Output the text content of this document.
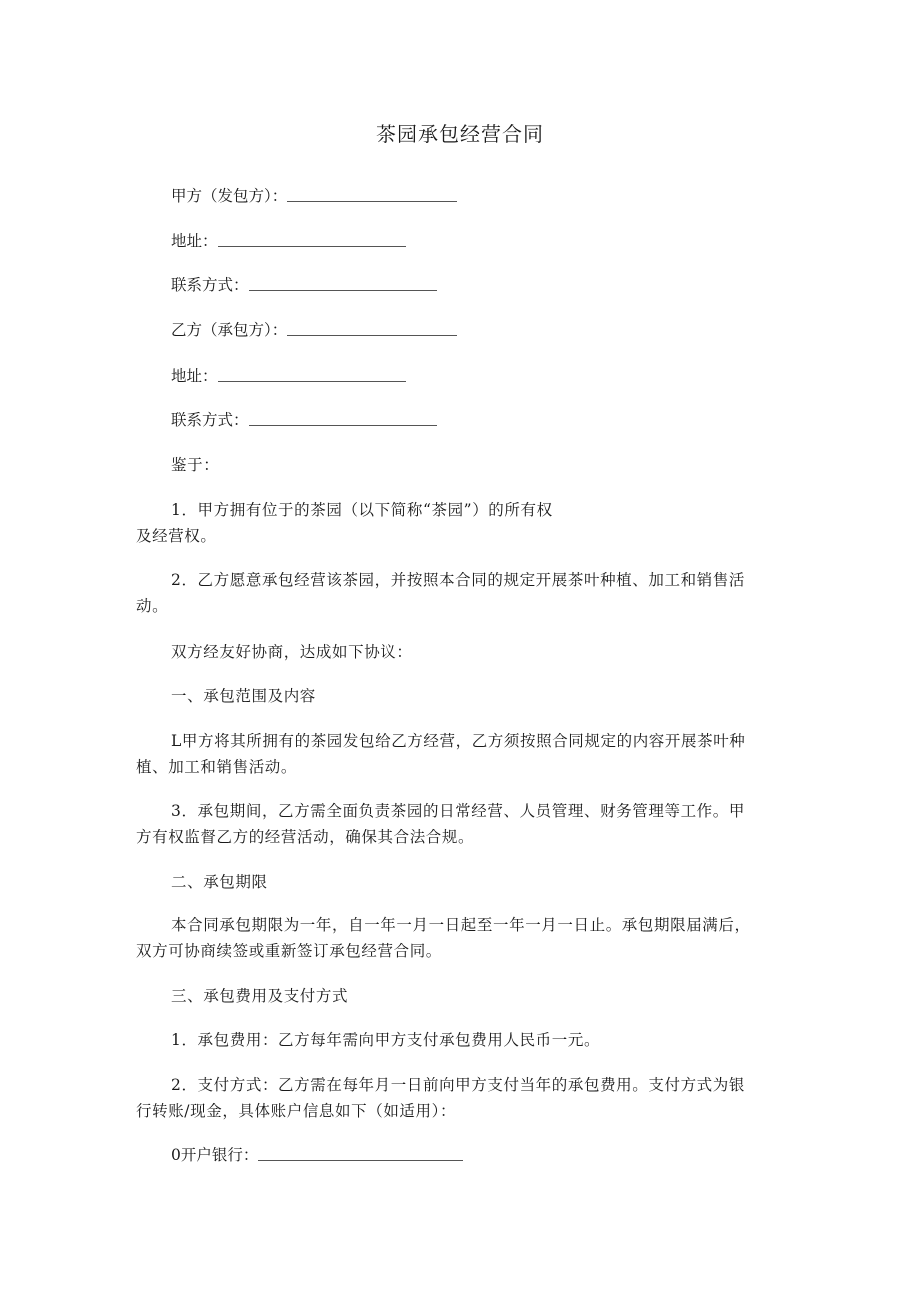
茶园承包经营合同
甲方（发包方）：
地址：
联系方式：
乙方（承包方）：
地址：
联系方式：
鉴于：
1．甲方拥有位于的茶园（以下简称“茶园”）的所有权
及经营权。
2．乙方愿意承包经营该茶园，并按照本合同的规定开展茶叶种植、加工和销售活
动。
双方经友好协商，达成如下协议：
一、承包范围及内容
L甲方将其所拥有的茶园发包给乙方经营，乙方须按照合同规定的内容开展茶叶种
植、加工和销售活动。
3．承包期间，乙方需全面负责茶园的日常经营、人员管理、财务管理等工作。甲
方有权监督乙方的经营活动，确保其合法合规。
二、承包期限
本合同承包期限为一年，自一年一月一日起至一年一月一日止。承包期限届满后，
双方可协商续签或重新签订承包经营合同。
三、承包费用及支付方式
1．承包费用：乙方每年需向甲方支付承包费用人民币一元。
2．支付方式：乙方需在每年月一日前向甲方支付当年的承包费用。支付方式为银
行转账/现金，具体账户信息如下（如适用）：
0开户银行：
